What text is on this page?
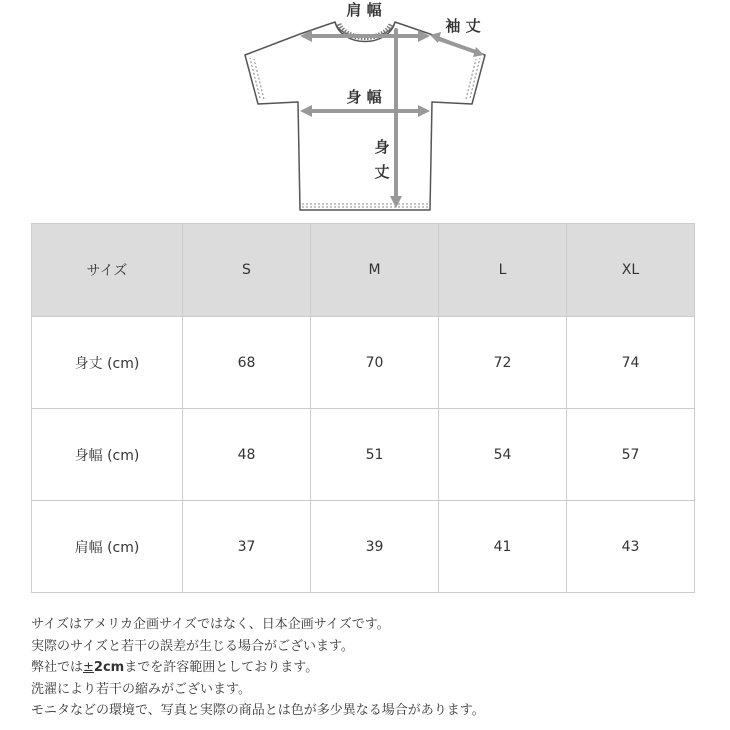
肩 幅
袖 丈
身 幅
身
丈
サイズ	S	M	L	XL
身丈 (cm)	68	70	72	74
身幅 (cm)	48	51	54	57
肩幅 (cm)	37	39	41	43

サイズはアメリカ企画サイズではなく、日本企画サイズです。

実際のサイズと若干の誤差が生じる場合がございます。

弊社では±2cmまでを許容範囲としております。

洗濯により若干の縮みがございます。

モニタなどの環境で、写真と実際の商品とは色が多少異なる場合があります。
